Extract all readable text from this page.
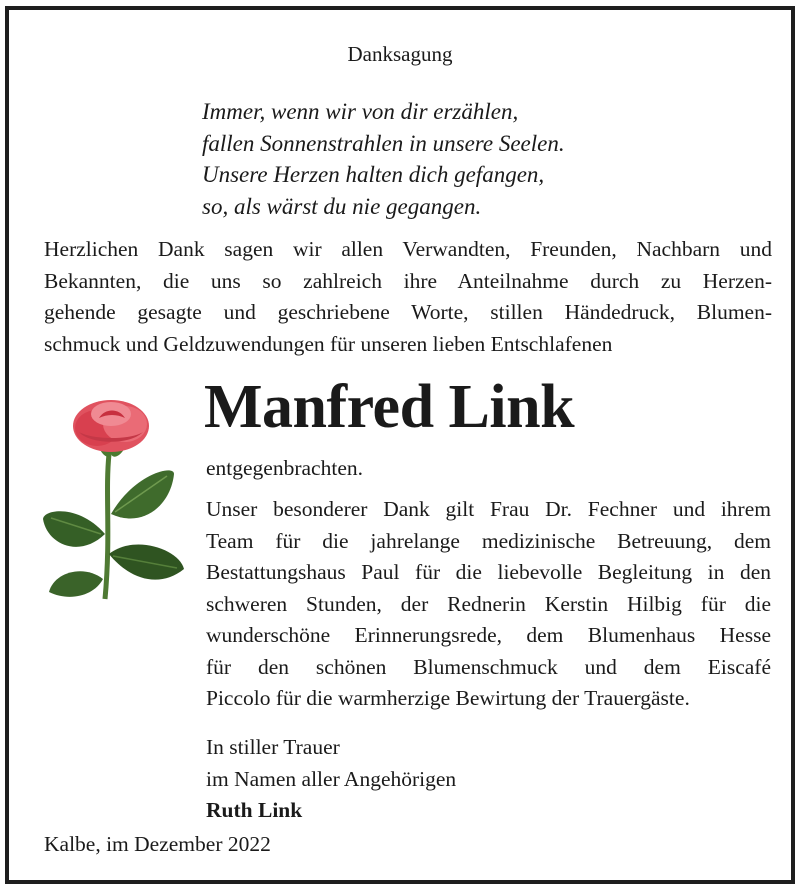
Danksagung
Immer, wenn wir von dir erzählen,
fallen Sonnenstrahlen in unsere Seelen.
Unsere Herzen halten dich gefangen,
so, als wärst du nie gegangen.
Herzlichen Dank sagen wir allen Verwandten, Freunden, Nachbarn und
Bekannten, die uns so zahlreich ihre Anteilnahme durch zu Herzen-
gehende gesagte und geschriebene Worte, stillen Händedruck, Blumen-
schmuck und Geldzuwendungen für unseren lieben Entschlafenen
Manfred Link
entgegenbrachten.
Unser besonderer Dank gilt Frau Dr. Fechner und ihrem
Team für die jahrelange medizinische Betreuung, dem
Bestattungshaus Paul für die liebevolle Begleitung in den
schweren Stunden, der Rednerin Kerstin Hilbig für die
wunderschöne Erinnerungsrede, dem Blumenhaus Hesse
für den schönen Blumenschmuck und dem Eiscafé
Piccolo für die warmherzige Bewirtung der Trauergäste.
In stiller Trauer
im Namen aller Angehörigen
Ruth Link
Kalbe, im Dezember 2022
